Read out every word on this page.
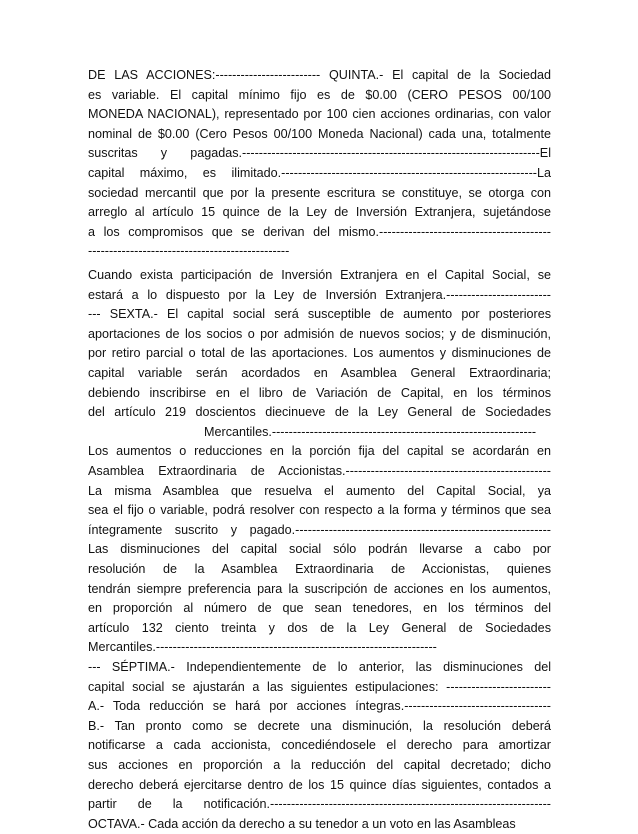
DE LAS ACCIONES:------------------------- QUINTA.- El capital de la Sociedad
es variable. El capital mínimo fijo es de $0.00 (CERO PESOS 00/100
MONEDA NACIONAL), representado por 100 cien acciones ordinarias, con valor
nominal de $0.00 (Cero Pesos 00/100 Moneda Nacional) cada una, totalmente
suscritas y pagadas.-----------------------------------------------------------------------El
capital máximo, es ilimitado.-------------------------------------------------------------La
sociedad mercantil que por la presente escritura se constituye, se otorga con
arreglo al artículo 15 quince de la Ley de Inversión Extranjera, sujetándose
a los compromisos que se derivan del mismo.-----------------------------------------
------------------------------------------------
Cuando exista participación de Inversión Extranjera en el Capital Social, se
estará a lo dispuesto por la Ley de Inversión Extranjera.-------------------------
--- SEXTA.- El capital social será susceptible de aumento por posteriores
aportaciones de los socios o por admisión de nuevos socios; y de disminución,
por retiro parcial o total de las aportaciones. Los aumentos y disminuciones de
capital variable serán acordados en Asamblea General Extraordinaria;
debiendo inscribirse en el libro de Variación de Capital, en los términos
del artículo 219 doscientos diecinueve de la Ley General de Sociedades
Mercantiles.---------------------------------------------------------------
Los aumentos o reducciones en la porción fija del capital se acordarán en
Asamblea Extraordinaria de Accionistas.-------------------------------------------------
La misma Asamblea que resuelva el aumento del Capital Social, ya
sea el fijo o variable, podrá resolver con respecto a la forma y términos que sea
íntegramente suscrito y pagado.-------------------------------------------------------------
Las disminuciones del capital social sólo podrán llevarse a cabo por
resolución de la Asamblea Extraordinaria de Accionistas, quienes
tendrán siempre preferencia para la suscripción de acciones en los aumentos,
en proporción al número de que sean tenedores, en los términos del
artículo 132 ciento treinta y dos de la Ley General de Sociedades
Mercantiles.-------------------------------------------------------------------
--- SÉPTIMA.- Independientemente de lo anterior, las disminuciones del
capital social se ajustarán a las siguientes estipulaciones: -------------------------
A.- Toda reducción se hará por acciones íntegras.-----------------------------------
B.- Tan pronto como se decrete una disminución, la resolución deberá
notificarse a cada accionista, concediéndosele el derecho para amortizar
sus acciones en proporción a la reducción del capital decretado; dicho
derecho deberá ejercitarse dentro de los 15 quince días siguientes, contados a
partir de la notificación.-------------------------------------------------------------------
OCTAVA.- Cada acción da derecho a su tenedor a un voto en las Asambleas
